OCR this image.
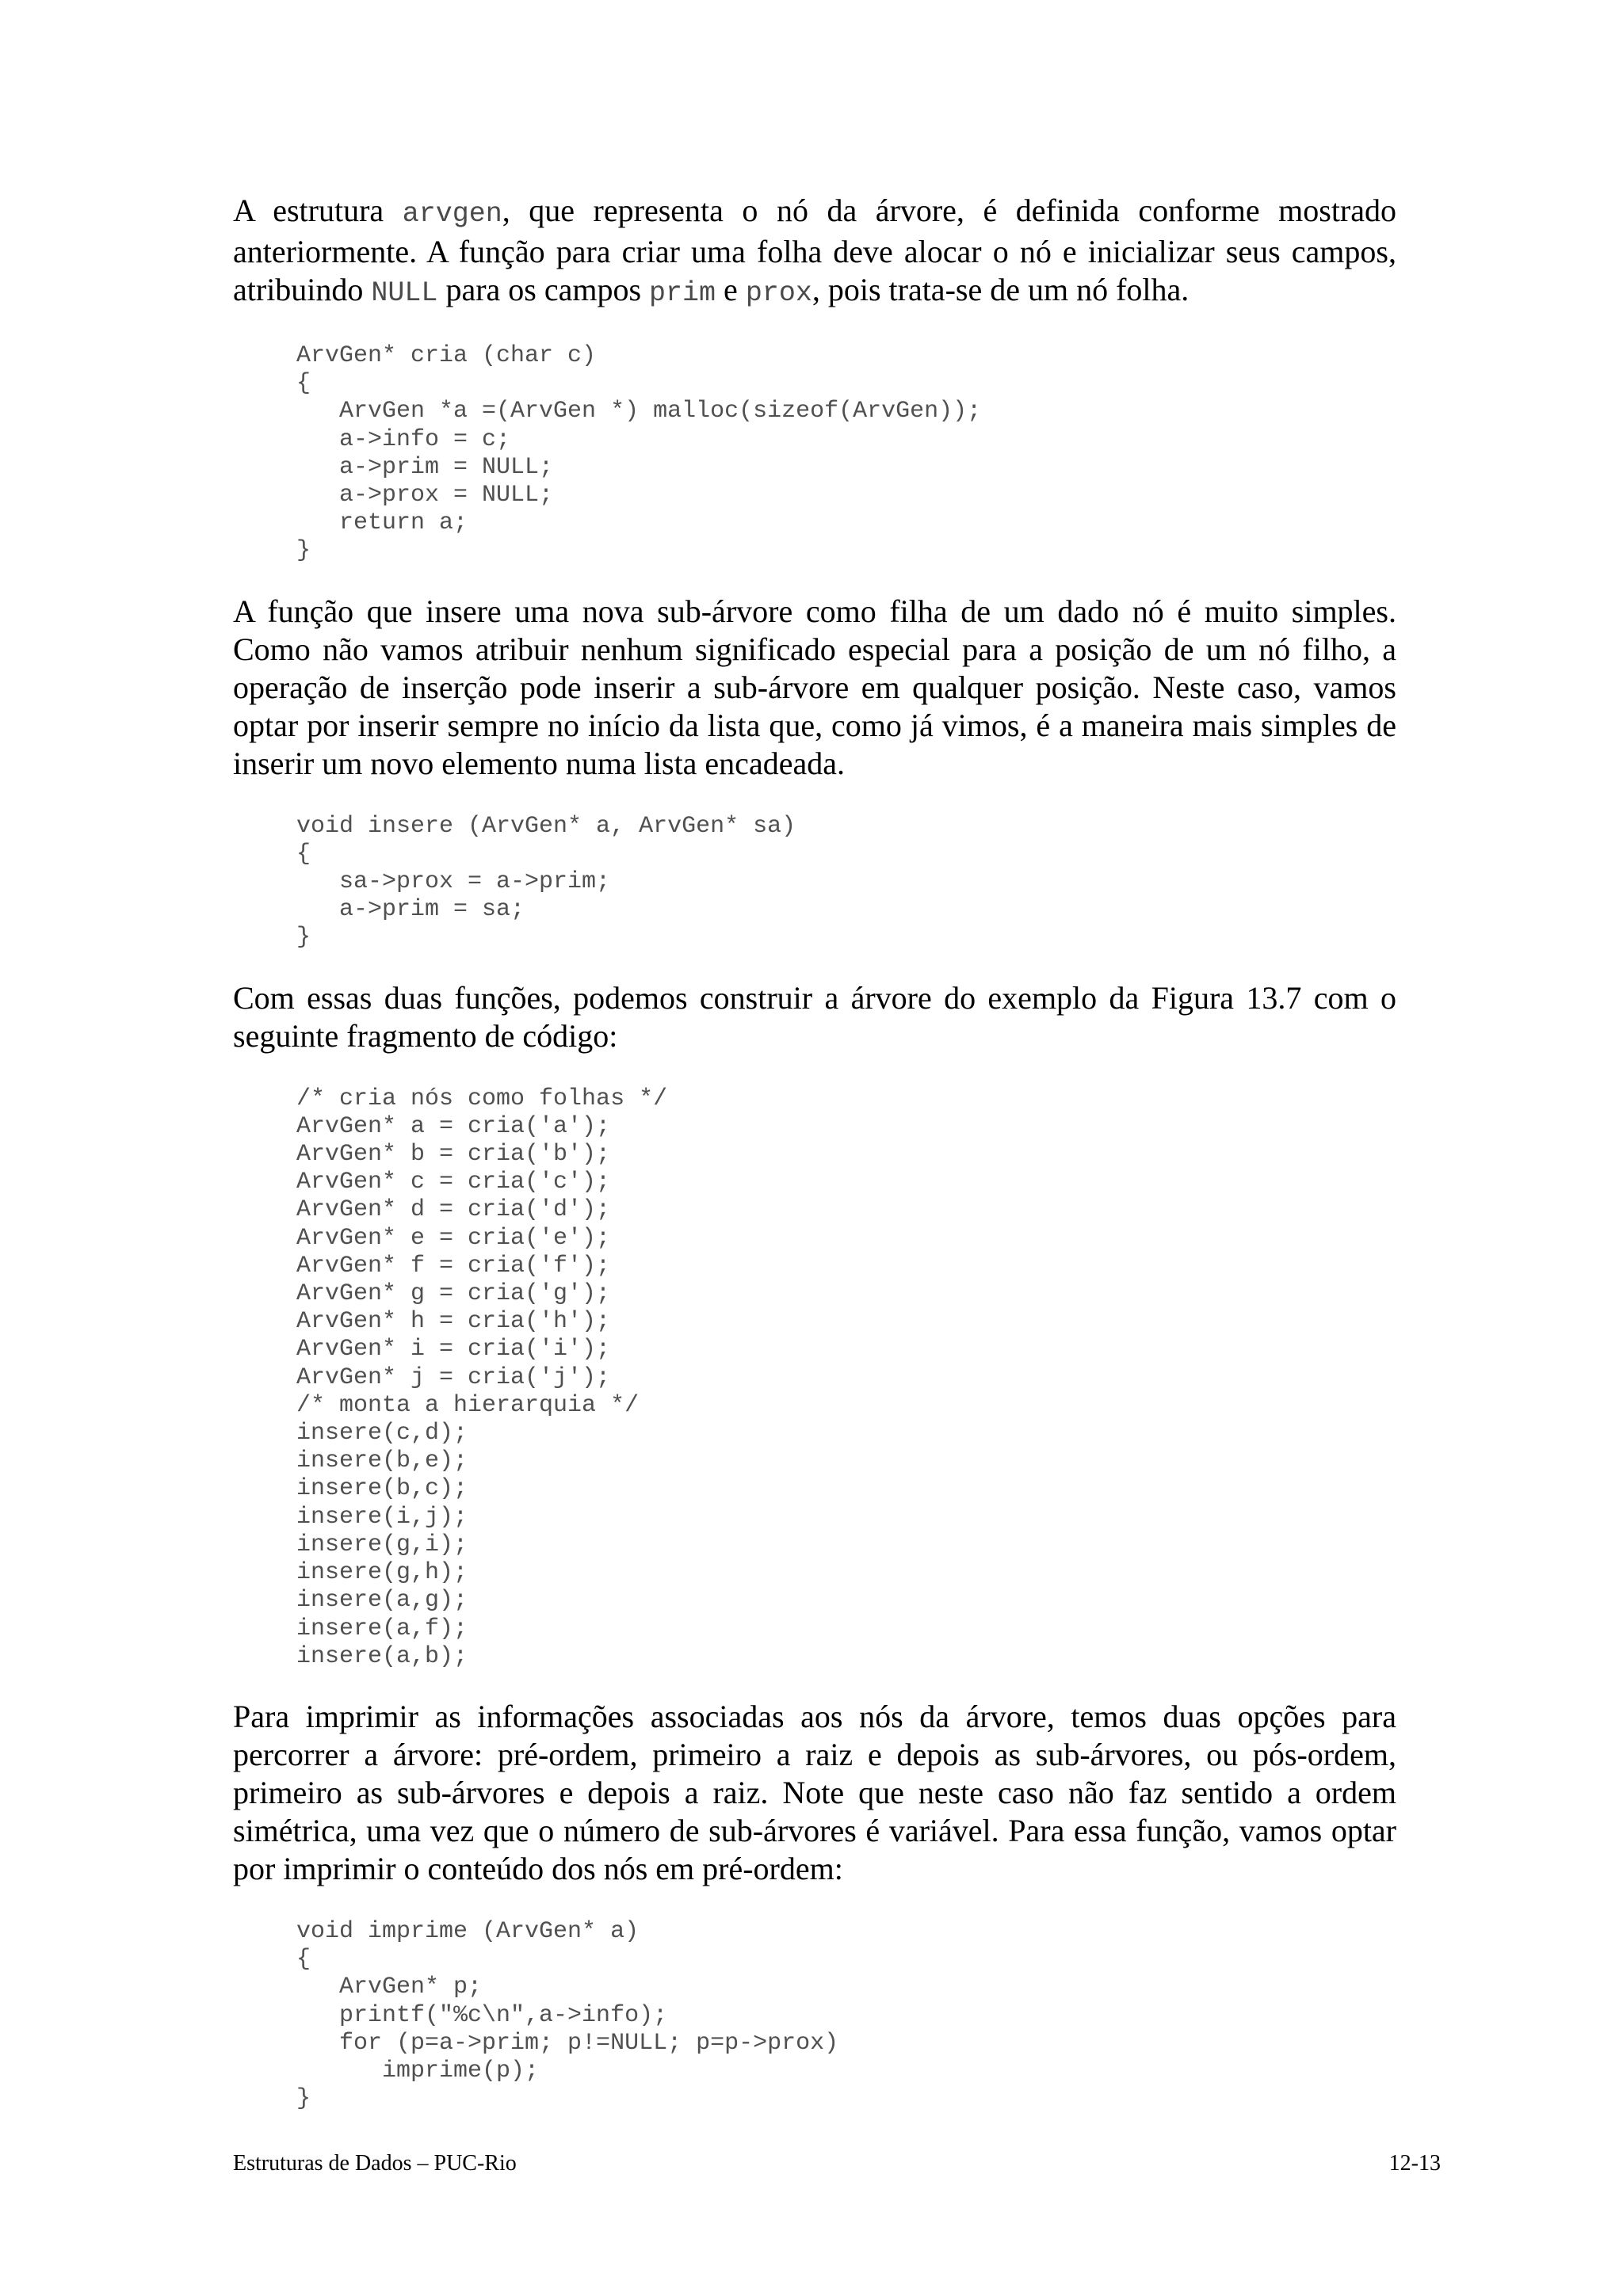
A estrutura arvgen, que representa o nó da árvore, é definida conforme mostrado anteriormente. A função para criar uma folha deve alocar o nó e inicializar seus campos, atribuindo NULL para os campos prim e prox, pois trata-se de um nó folha.

ArvGen* cria (char c)
{
ArvGen *a =(ArvGen *) malloc(sizeof(ArvGen));
a->info = c;
a->prim = NULL;
a->prox = NULL;
return a;
}

A função que insere uma nova sub-árvore como filha de um dado nó é muito simples. Como não vamos atribuir nenhum significado especial para a posição de um nó filho, a operação de inserção pode inserir a sub-árvore em qualquer posição. Neste caso, vamos optar por inserir sempre no início da lista que, como já vimos, é a maneira mais simples de inserir um novo elemento numa lista encadeada.

void insere (ArvGen* a, ArvGen* sa)
{
sa->prox = a->prim;
a->prim = sa;
}

Com essas duas funções, podemos construir a árvore do exemplo da Figura 13.7 com o seguinte fragmento de código:

/* cria nós como folhas */
ArvGen* a = cria('a');
ArvGen* b = cria('b');
ArvGen* c = cria('c');
ArvGen* d = cria('d');
ArvGen* e = cria('e');
ArvGen* f = cria('f');
ArvGen* g = cria('g');
ArvGen* h = cria('h');
ArvGen* i = cria('i');
ArvGen* j = cria('j');
/* monta a hierarquia */
insere(c,d);
insere(b,e);
insere(b,c);
insere(i,j);
insere(g,i);
insere(g,h);
insere(a,g);
insere(a,f);
insere(a,b);

Para imprimir as informações associadas aos nós da árvore, temos duas opções para percorrer a árvore: pré-ordem, primeiro a raiz e depois as sub-árvores, ou pós-ordem, primeiro as sub-árvores e depois a raiz. Note que neste caso não faz sentido a ordem simétrica, uma vez que o número de sub-árvores é variável. Para essa função, vamos optar por imprimir o conteúdo dos nós em pré-ordem:

void imprime (ArvGen* a)
{
ArvGen* p;
printf("%c\n",a->info);
for (p=a->prim; p!=NULL; p=p->prox)
imprime(p);
}
Estruturas de Dados – PUC-Rio	12-13
